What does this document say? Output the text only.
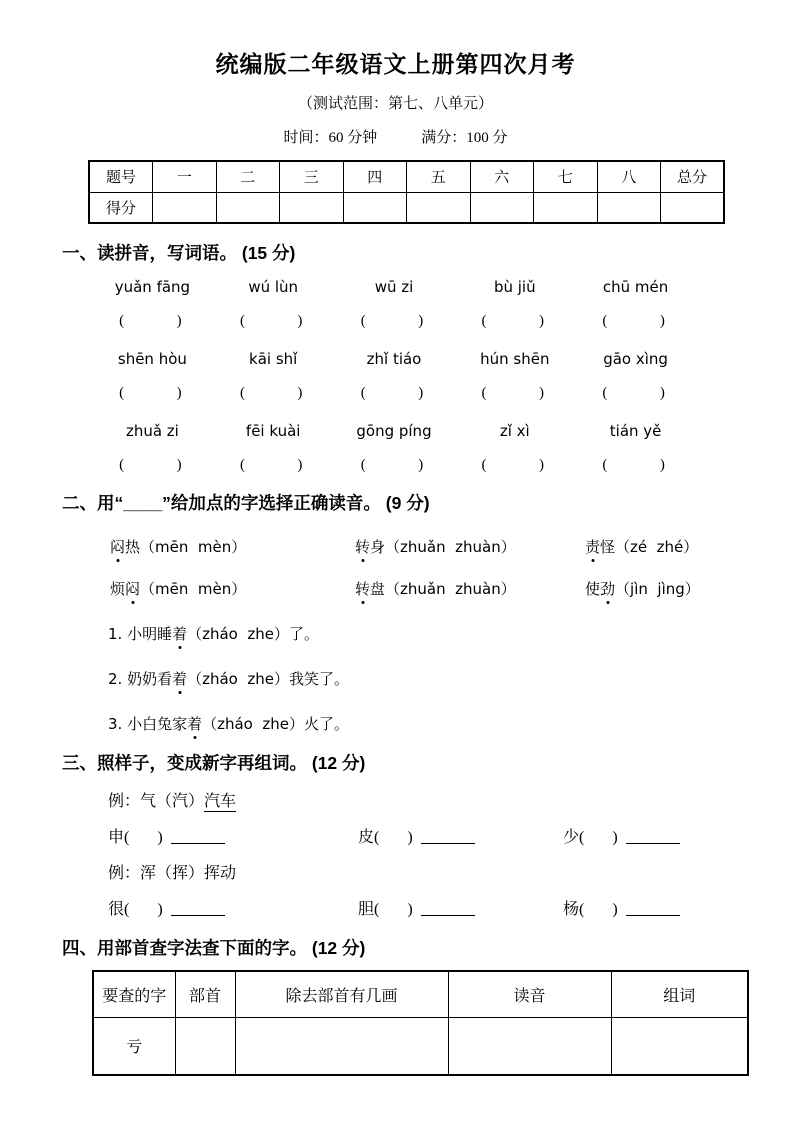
统编版二年级语文上册第四次月考
（测试范围：第七、八单元）
时间：60 分钟	满分：100 分
题号	一	二	三	四	五	六	七	八	总分
得分									
一、读拼音，写词语。 (15 分)
yuǎn fāng	wú lùn	wū zi	bù jiǔ	chū mén
(              )	(              )	(              )	(              )	(              )
shēn hòu	kāi shǐ	zhǐ tiáo	hún shēn	gāo xìng
(              )	(              )	(              )	(              )	(              )
zhuǎ zi	fēi kuài	gōng píng	zǐ xì	tián yě
(              )	(              )	(              )	(              )	(              )
二、用“____”给加点的字选择正确读音。 (9 分)
闷热（mēn  mèn）	转身（zhuǎn  zhuàn）	责怪（zé  zhé）
烦闷（mēn  mèn）	转盘（zhuǎn  zhuàn）	使劲（jìn  jìng）
1. 小明睡着（zháo  zhe）了。
2. 奶奶看着（zháo  zhe）我笑了。
3. 小白兔家着（zháo  zhe）火了。
三、照样子，变成新字再组词。 (12 分)
例：气（汽）汽车
申(       )	皮(       )	少(       )
例：浑（挥）挥动
很(       )	胆(       )	杨(       )
四、用部首查字法查下面的字。 (12 分)
要查的字	部首	除去部首有几画	读音	组词
亏				
